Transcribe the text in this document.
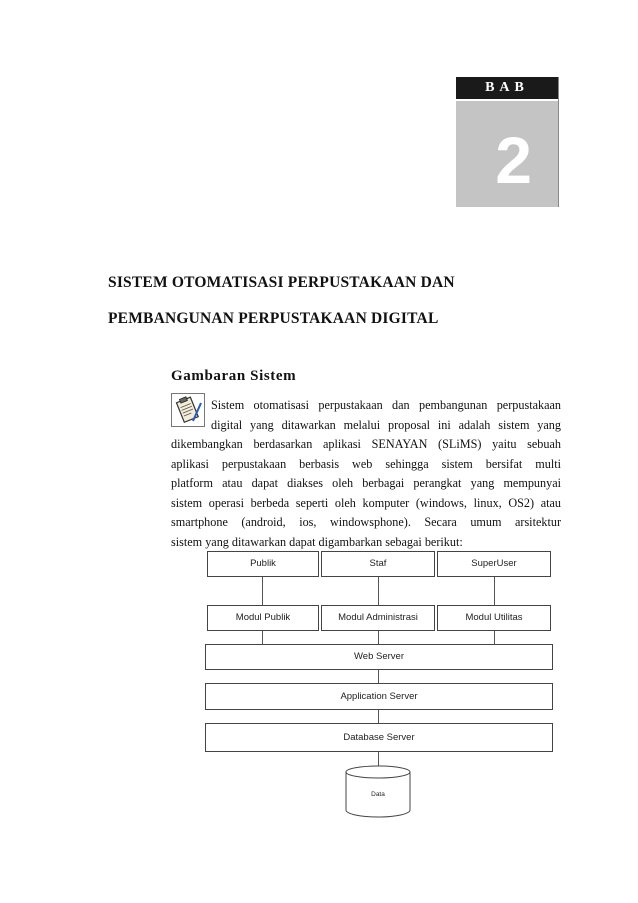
BAB
2
SISTEM OTOMATISASI PERPUSTAKAAN DAN
PEMBANGUNAN PERPUSTAKAAN DIGITAL
Gambaran Sistem
Sistem otomatisasi perpustakaan dan pembangunan perpustakaan
digital yang ditawarkan melalui proposal ini adalah sistem yang
dikembangkan berdasarkan aplikasi SENAYAN (SLiMS) yaitu sebuah
aplikasi perpustakaan berbasis web sehingga sistem bersifat multi
platform atau dapat diakses oleh berbagai perangkat yang mempunyai
sistem operasi berbeda seperti oleh komputer (windows, linux, OS2) atau
smartphone (android, ios, windowsphone). Secara umum arsitektur
sistem yang ditawarkan dapat digambarkan sebagai berikut:
Publik	Staf	SuperUser
Modul Publik	Modul Administrasi	Modul Utilitas
Web Server
Application Server
Database Server
Data
